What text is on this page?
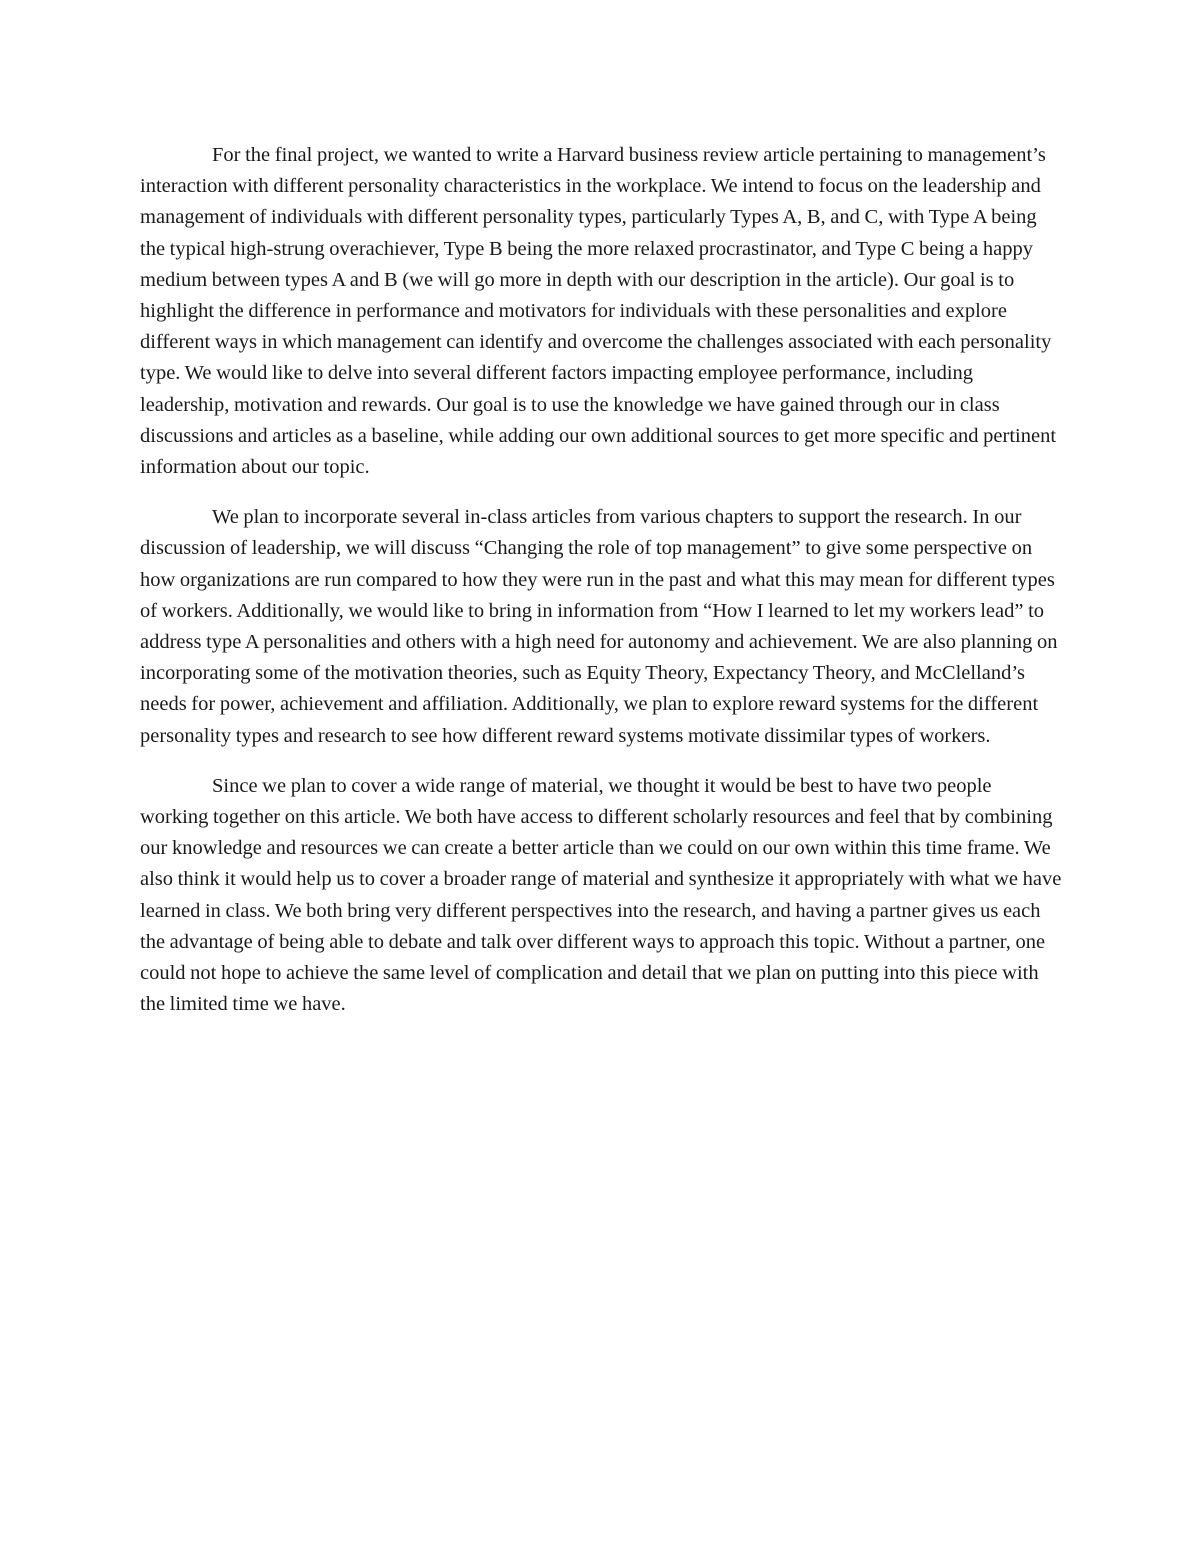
For the final project, we wanted to write a Harvard business review article pertaining to management’s interaction with different personality characteristics in the workplace. We intend to focus on the leadership and management of individuals with different personality types, particularly Types A, B, and C, with Type A being the typical high-strung overachiever, Type B being the more relaxed procrastinator, and Type C being a happy medium between types A and B (we will go more in depth with our description in the article). Our goal is to highlight the difference in performance and motivators for individuals with these personalities and explore different ways in which management can identify and overcome the challenges associated with each personality type. We would like to delve into several different factors impacting employee performance, including leadership, motivation and rewards. Our goal is to use the knowledge we have gained through our in class discussions and articles as a baseline, while adding our own additional sources to get more specific and pertinent information about our topic.

We plan to incorporate several in-class articles from various chapters to support the research. In our discussion of leadership, we will discuss “Changing the role of top management” to give some perspective on how organizations are run compared to how they were run in the past and what this may mean for different types of workers. Additionally, we would like to bring in information from “How I learned to let my workers lead” to address type A personalities and others with a high need for autonomy and achievement. We are also planning on incorporating some of the motivation theories, such as Equity Theory, Expectancy Theory, and McClelland’s needs for power, achievement and affiliation. Additionally, we plan to explore reward systems for the different personality types and research to see how different reward systems motivate dissimilar types of workers.

Since we plan to cover a wide range of material, we thought it would be best to have two people working together on this article. We both have access to different scholarly resources and feel that by combining our knowledge and resources we can create a better article than we could on our own within this time frame. We also think it would help us to cover a broader range of material and synthesize it appropriately with what we have learned in class. We both bring very different perspectives into the research, and having a partner gives us each the advantage of being able to debate and talk over different ways to approach this topic. Without a partner, one could not hope to achieve the same level of complication and detail that we plan on putting into this piece with the limited time we have.
